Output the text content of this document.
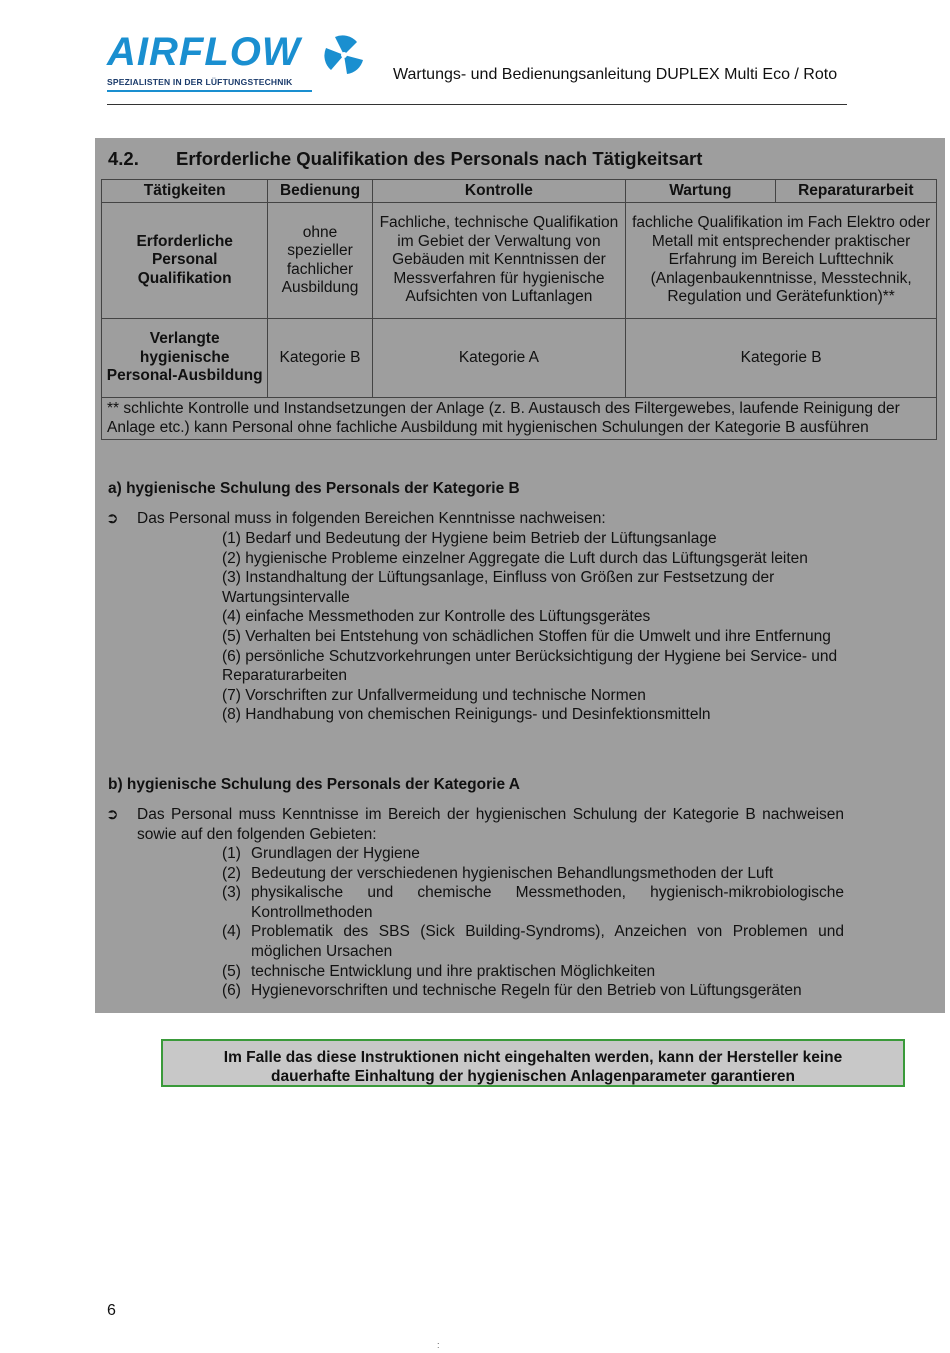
AIRFLOW
SPEZIALISTEN IN DER LÜFTUNGSTECHNIK	Wartungs- und Bedienungsanleitung DUPLEX Multi Eco / Roto
4.2. Erforderliche Qualifikation des Personals nach Tätigkeitsart
Tätigkeiten	Bedienung	Kontrolle	Wartung	Reparaturarbeit
Erforderliche Personal Qualifikation	ohne spezieller fachlicher Ausbildung	Fachliche, technische Qualifikation im Gebiet der Verwaltung von Gebäuden mit Kenntnissen der Messverfahren für hygienische Aufsichten von Luftanlagen	fachliche Qualifikation im Fach Elektro oder Metall mit entsprechender praktischer Erfahrung im Bereich Lufttechnik (Anlagenbaukenntnisse, Messtechnik, Regulation und Gerätefunktion)**	
Verlangte hygienische Personal-Ausbildung	Kategorie B	Kategorie A	Kategorie B	
** schlichte Kontrolle und Instandsetzungen der Anlage (z. B. Austausch des Filtergewebes, laufende Reinigung der Anlage etc.) kann Personal ohne fachliche Ausbildung mit hygienischen Schulungen der Kategorie B ausführen				
a) hygienische Schulung des Personals der Kategorie B
➲ Das Personal muss in folgenden Bereichen Kenntnisse nachweisen:

(1) Bedarf und Bedeutung der Hygiene beim Betrieb der Lüftungsanlage

(2) hygienische Probleme einzelner Aggregate die Luft durch das Lüftungsgerät leiten

(3) Instandhaltung der Lüftungsanlage, Einfluss von Größen zur Festsetzung der Wartungsintervalle

(4) einfache Messmethoden zur Kontrolle des Lüftungsgerätes

(5) Verhalten bei Entstehung von schädlichen Stoffen für die Umwelt und ihre Entfernung

(6) persönliche Schutzvorkehrungen unter Berücksichtigung der Hygiene bei Service- und Reparaturarbeiten

(7) Vorschriften zur Unfallvermeidung und technische Normen

(8) Handhabung von chemischen Reinigungs- und Desinfektionsmitteln

b) hygienische Schulung des Personals der Kategorie A
➲ Das Personal muss Kenntnisse im Bereich der hygienischen Schulung der Kategorie B nachweisen sowie auf den folgenden Gebieten:
(1) Grundlagen der Hygiene
(2) Bedeutung der verschiedenen hygienischen Behandlungsmethoden der Luft
(3) physikalische und chemische Messmethoden, hygienisch-mikrobiologische Kontrollmethoden
(4) Problematik des SBS (Sick Building-Syndroms), Anzeichen von Problemen und möglichen Ursachen
(5) technische Entwicklung und ihre praktischen Möglichkeiten
(6) Hygienevorschriften und technische Regeln für den Betrieb von Lüftungsgeräten
Im Falle das diese Instruktionen nicht eingehalten werden, kann der Hersteller keine
dauerhafte Einhaltung der hygienischen Anlagenparameter garantieren
6
:
